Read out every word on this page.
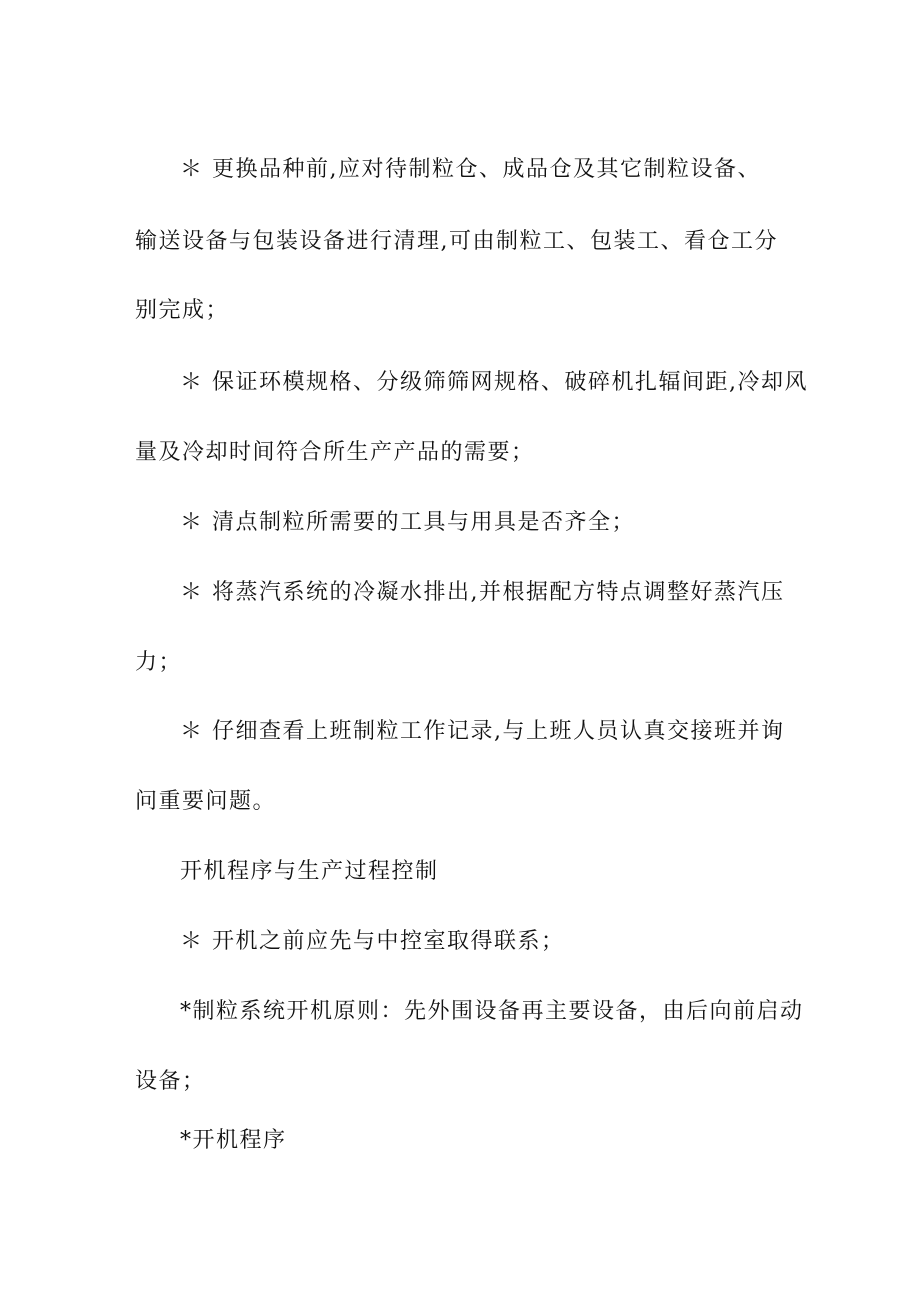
＊ 更换品种前,应对待制粒仓、成品仓及其它制粒设备、
输送设备与包装设备进行清理,可由制粒工、包装工、看仓工分
别完成；
＊ 保证环模规格、分级筛筛网规格、破碎机扎辐间距,冷却风
量及冷却时间符合所生产产品的需要；
＊ 清点制粒所需要的工具与用具是否齐全；
＊ 将蒸汽系统的冷凝水排出,并根据配方特点调整好蒸汽压
力；
＊ 仔细查看上班制粒工作记录,与上班人员认真交接班并询
问重要问题。
开机程序与生产过程控制
＊ 开机之前应先与中控室取得联系；
*制粒系统开机原则：先外围设备再主要设备，由后向前启动
设备；
*开机程序
